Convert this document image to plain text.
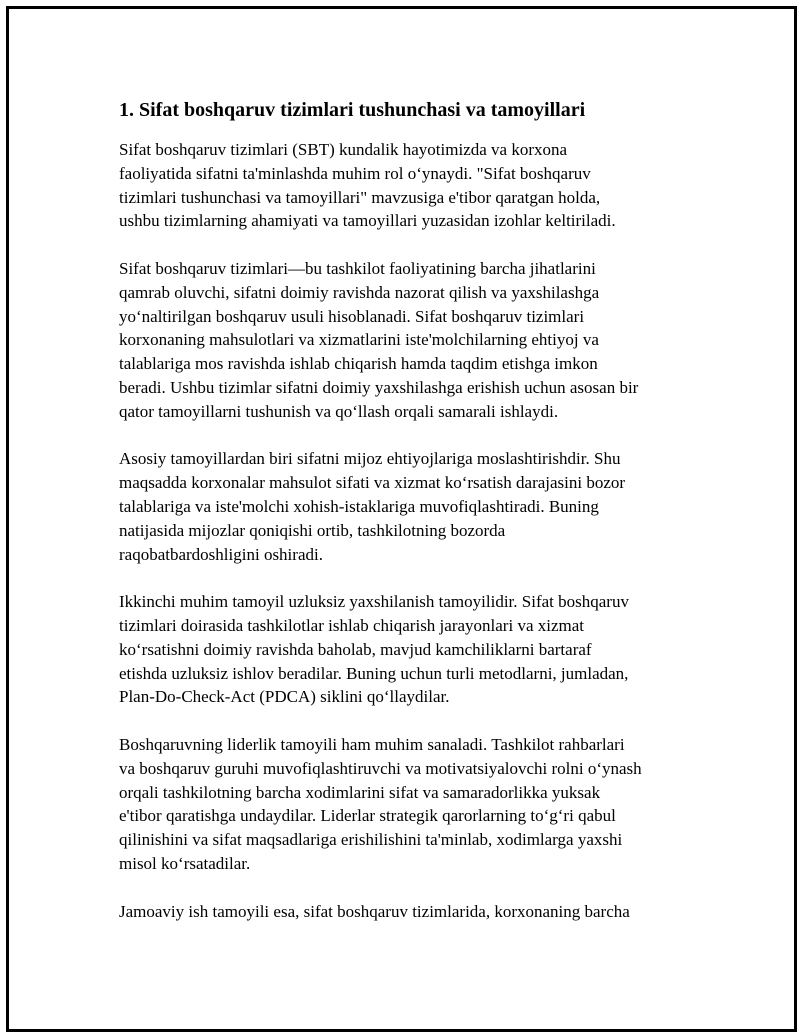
1. Sifat boshqaruv tizimlari tushunchasi va tamoyillari

Sifat boshqaruv tizimlari (SBT) kundalik hayotimizda va korxona
faoliyatida sifatni ta'minlashda muhim rol o‘ynaydi. "Sifat boshqaruv
tizimlari tushunchasi va tamoyillari" mavzusiga e'tibor qaratgan holda,
ushbu tizimlarning ahamiyati va tamoyillari yuzasidan izohlar keltiriladi.

Sifat boshqaruv tizimlari—bu tashkilot faoliyatining barcha jihatlarini
qamrab oluvchi, sifatni doimiy ravishda nazorat qilish va yaxshilashga
yo‘naltirilgan boshqaruv usuli hisoblanadi. Sifat boshqaruv tizimlari
korxonaning mahsulotlari va xizmatlarini iste'molchilarning ehtiyoj va
talablariga mos ravishda ishlab chiqarish hamda taqdim etishga imkon
beradi. Ushbu tizimlar sifatni doimiy yaxshilashga erishish uchun asosan bir
qator tamoyillarni tushunish va qo‘llash orqali samarali ishlaydi.

Asosiy tamoyillardan biri sifatni mijoz ehtiyojlariga moslashtirishdir. Shu
maqsadda korxonalar mahsulot sifati va xizmat ko‘rsatish darajasini bozor
talablariga va iste'molchi xohish-istaklariga muvofiqlashtiradi. Buning
natijasida mijozlar qoniqishi ortib, tashkilotning bozorda
raqobatbardoshligini oshiradi.

Ikkinchi muhim tamoyil uzluksiz yaxshilanish tamoyilidir. Sifat boshqaruv
tizimlari doirasida tashkilotlar ishlab chiqarish jarayonlari va xizmat
ko‘rsatishni doimiy ravishda baholab, mavjud kamchiliklarni bartaraf
etishda uzluksiz ishlov beradilar. Buning uchun turli metodlarni, jumladan,
Plan-Do-Check-Act (PDCA) siklini qo‘llaydilar.

Boshqaruvning liderlik tamoyili ham muhim sanaladi. Tashkilot rahbarlari
va boshqaruv guruhi muvofiqlashtiruvchi va motivatsiyalovchi rolni o‘ynash
orqali tashkilotning barcha xodimlarini sifat va samaradorlikka yuksak
e'tibor qaratishga undaydilar. Liderlar strategik qarorlarning to‘g‘ri qabul
qilinishini va sifat maqsadlariga erishilishini ta'minlab, xodimlarga yaxshi
misol ko‘rsatadilar.

Jamoaviy ish tamoyili esa, sifat boshqaruv tizimlarida, korxonaning barcha
